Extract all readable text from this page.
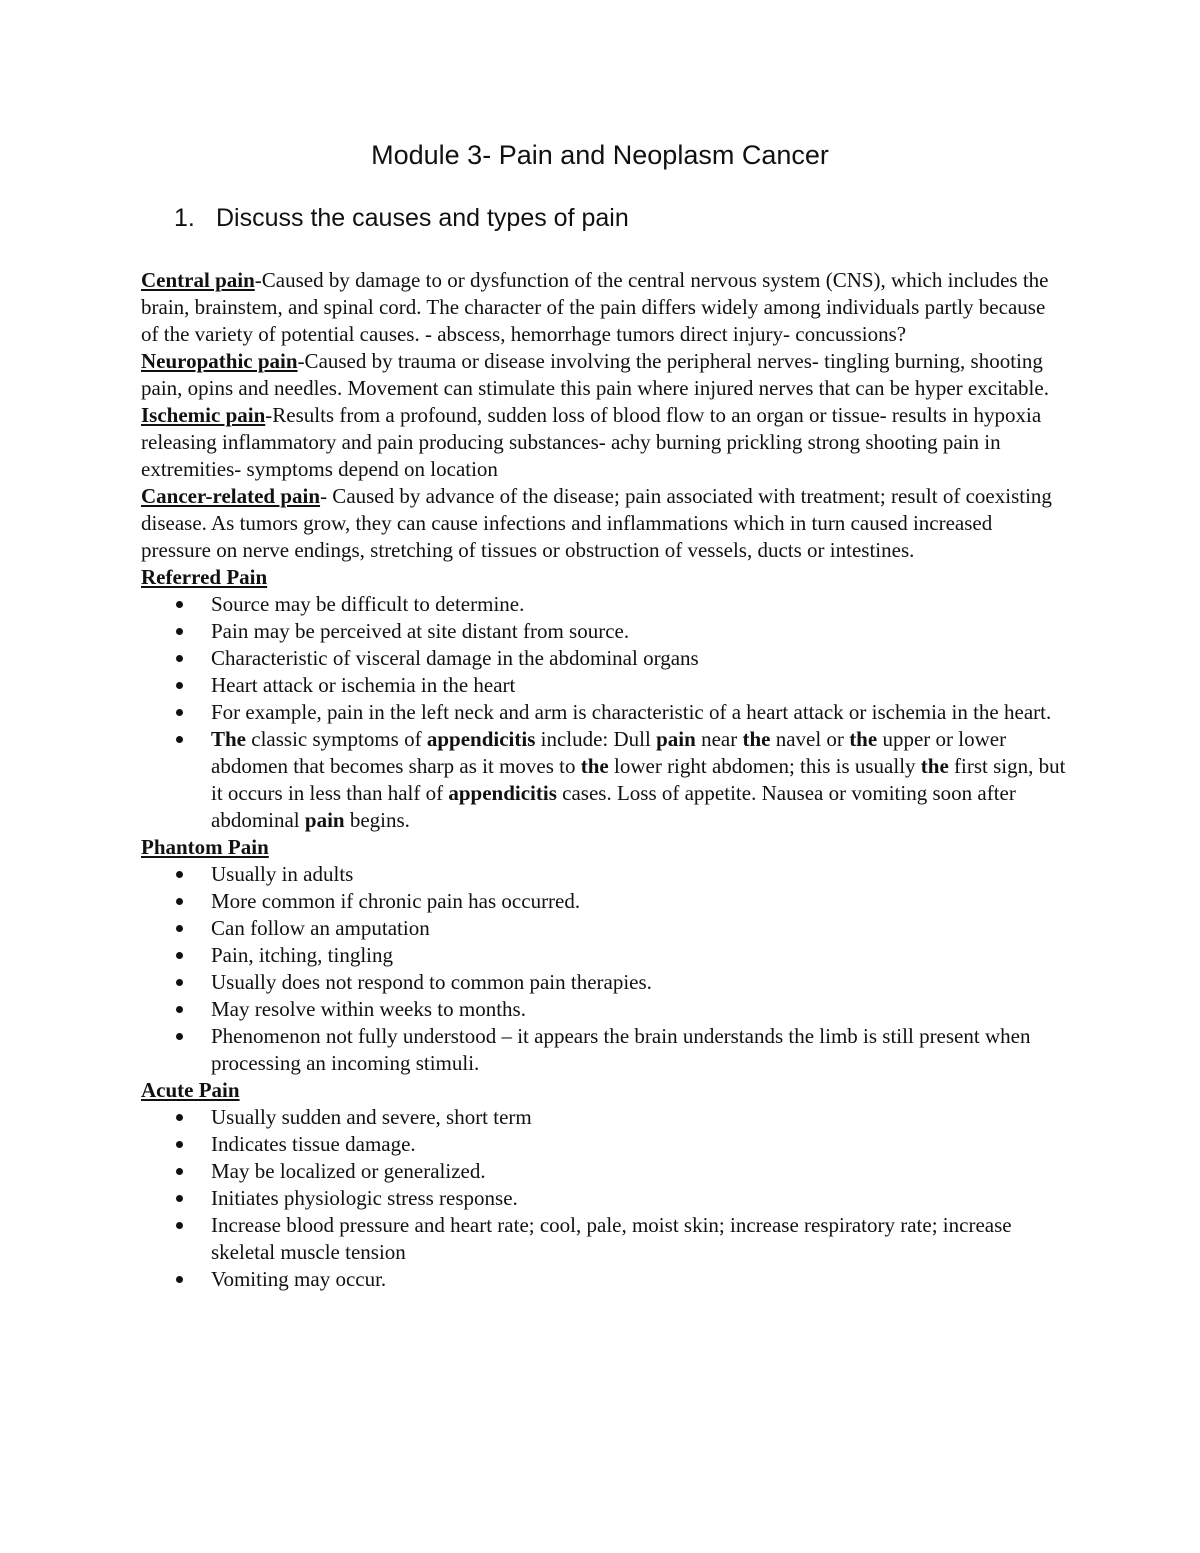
Module 3- Pain and Neoplasm Cancer
1. Discuss the causes and types of pain

Central pain-Caused by damage to or dysfunction of the central nervous system (CNS), which includes the brain, brainstem, and spinal cord. The character of the pain differs widely among individuals partly because of the variety of potential causes. - abscess, hemorrhage tumors direct injury- concussions?

Neuropathic pain-Caused by trauma or disease involving the peripheral nerves- tingling burning, shooting pain, opins and needles. Movement can stimulate this pain where injured nerves that can be hyper excitable.

Ischemic pain-Results from a profound, sudden loss of blood flow to an organ or tissue- results in hypoxia releasing inflammatory and pain producing substances- achy burning prickling strong shooting pain in extremities- symptoms depend on location

Cancer-related pain- Caused by advance of the disease; pain associated with treatment; result of coexisting disease. As tumors grow, they can cause infections and inflammations which in turn caused increased pressure on nerve endings, stretching of tissues or obstruction of vessels, ducts or intestines.

Referred Pain

Source may be difficult to determine.
Pain may be perceived at site distant from source.
Characteristic of visceral damage in the abdominal organs
Heart attack or ischemia in the heart
For example, pain in the left neck and arm is characteristic of a heart attack or ischemia in the heart.
The classic symptoms of appendicitis include: Dull pain near the navel or the upper or lower abdomen that becomes sharp as it moves to the lower right abdomen; this is usually the first sign, but it occurs in less than half of appendicitis cases. Loss of appetite. Nausea or vomiting soon after abdominal pain begins.

Phantom Pain

Usually in adults
More common if chronic pain has occurred.
Can follow an amputation
Pain, itching, tingling
Usually does not respond to common pain therapies.
May resolve within weeks to months.
Phenomenon not fully understood – it appears the brain understands the limb is still present when processing an incoming stimuli.

Acute Pain

Usually sudden and severe, short term
Indicates tissue damage.
May be localized or generalized.
Initiates physiologic stress response.
Increase blood pressure and heart rate; cool, pale, moist skin; increase respiratory rate; increase skeletal muscle tension
Vomiting may occur.
